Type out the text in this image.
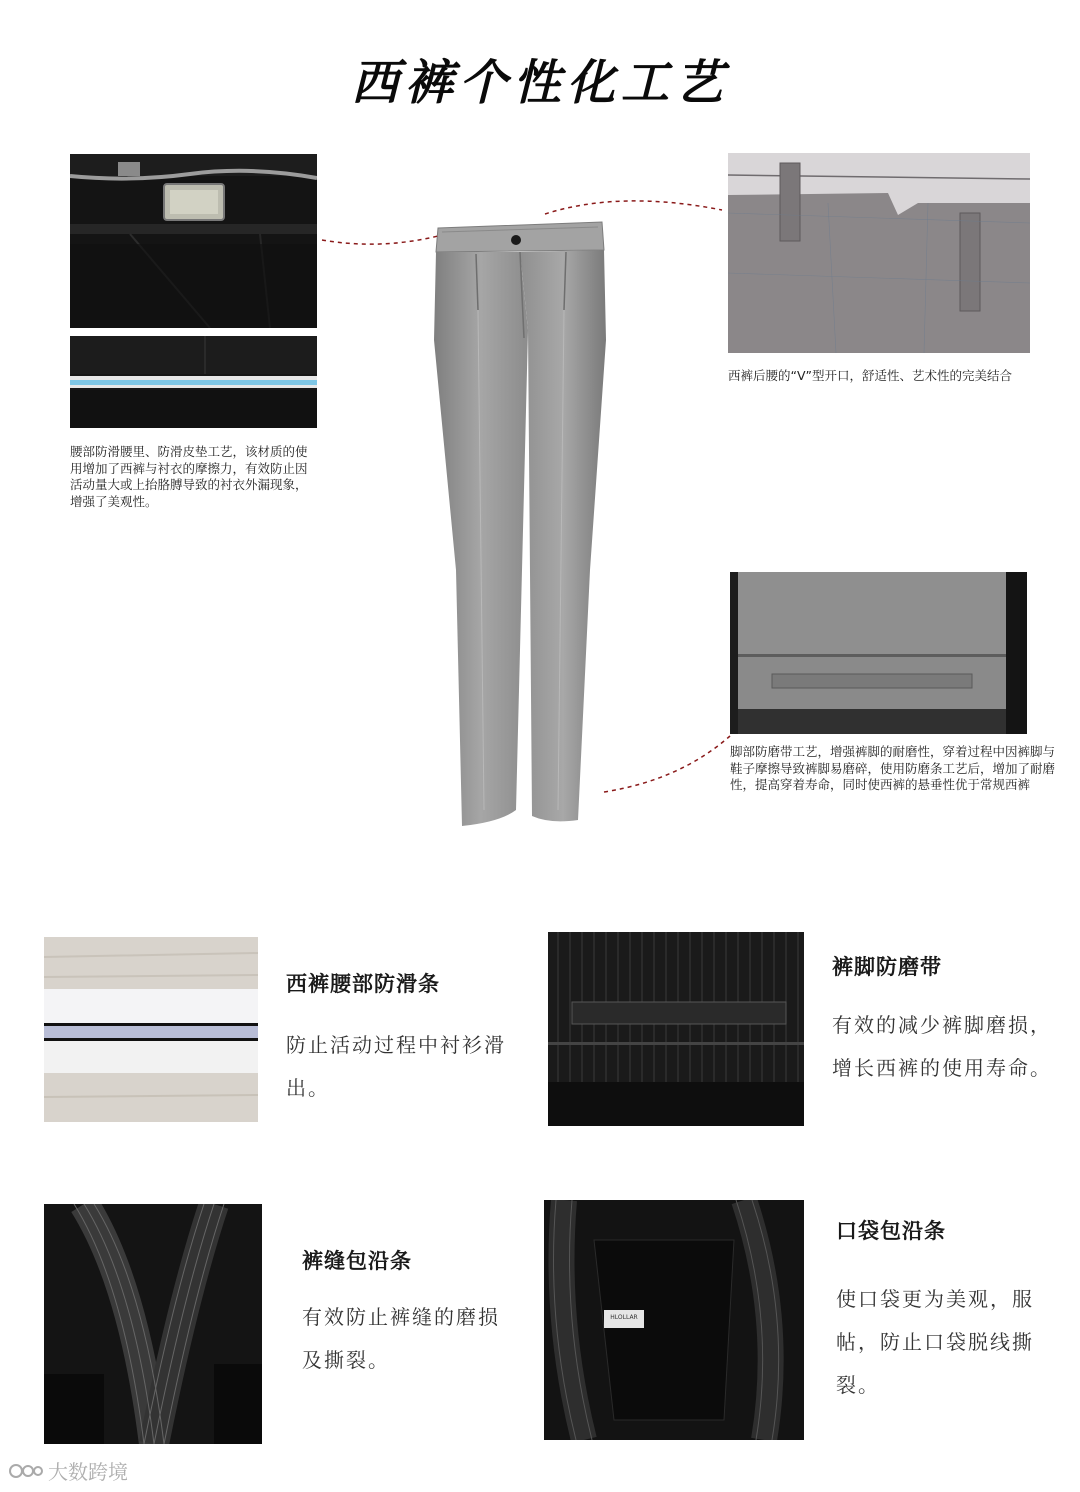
西裤个性化工艺
腰部防滑腰里、防滑皮垫工艺，该材质的使用增加了西裤与衬衣的摩擦力，有效防止因活动量大或上抬胳膊导致的衬衣外漏现象，增强了美观性。
西裤后腰的“V”型开口，舒适性、艺术性的完美结合
脚部防磨带工艺，增强裤脚的耐磨性，穿着过程中因裤脚与鞋子摩擦导致裤脚易磨碎，使用防磨条工艺后，增加了耐磨性，提高穿着寿命，同时使西裤的悬垂性优于常规西裤
西裤腰部防滑条
防止活动过程中衬衫滑出。
裤脚防磨带
有效的减少裤脚磨损，增长西裤的使用寿命。
裤缝包沿条
有效防止裤缝的磨损及撕裂。
HLOLLAR
口袋包沿条
使口袋更为美观，服帖，防止口袋脱线撕裂。
大数跨境
